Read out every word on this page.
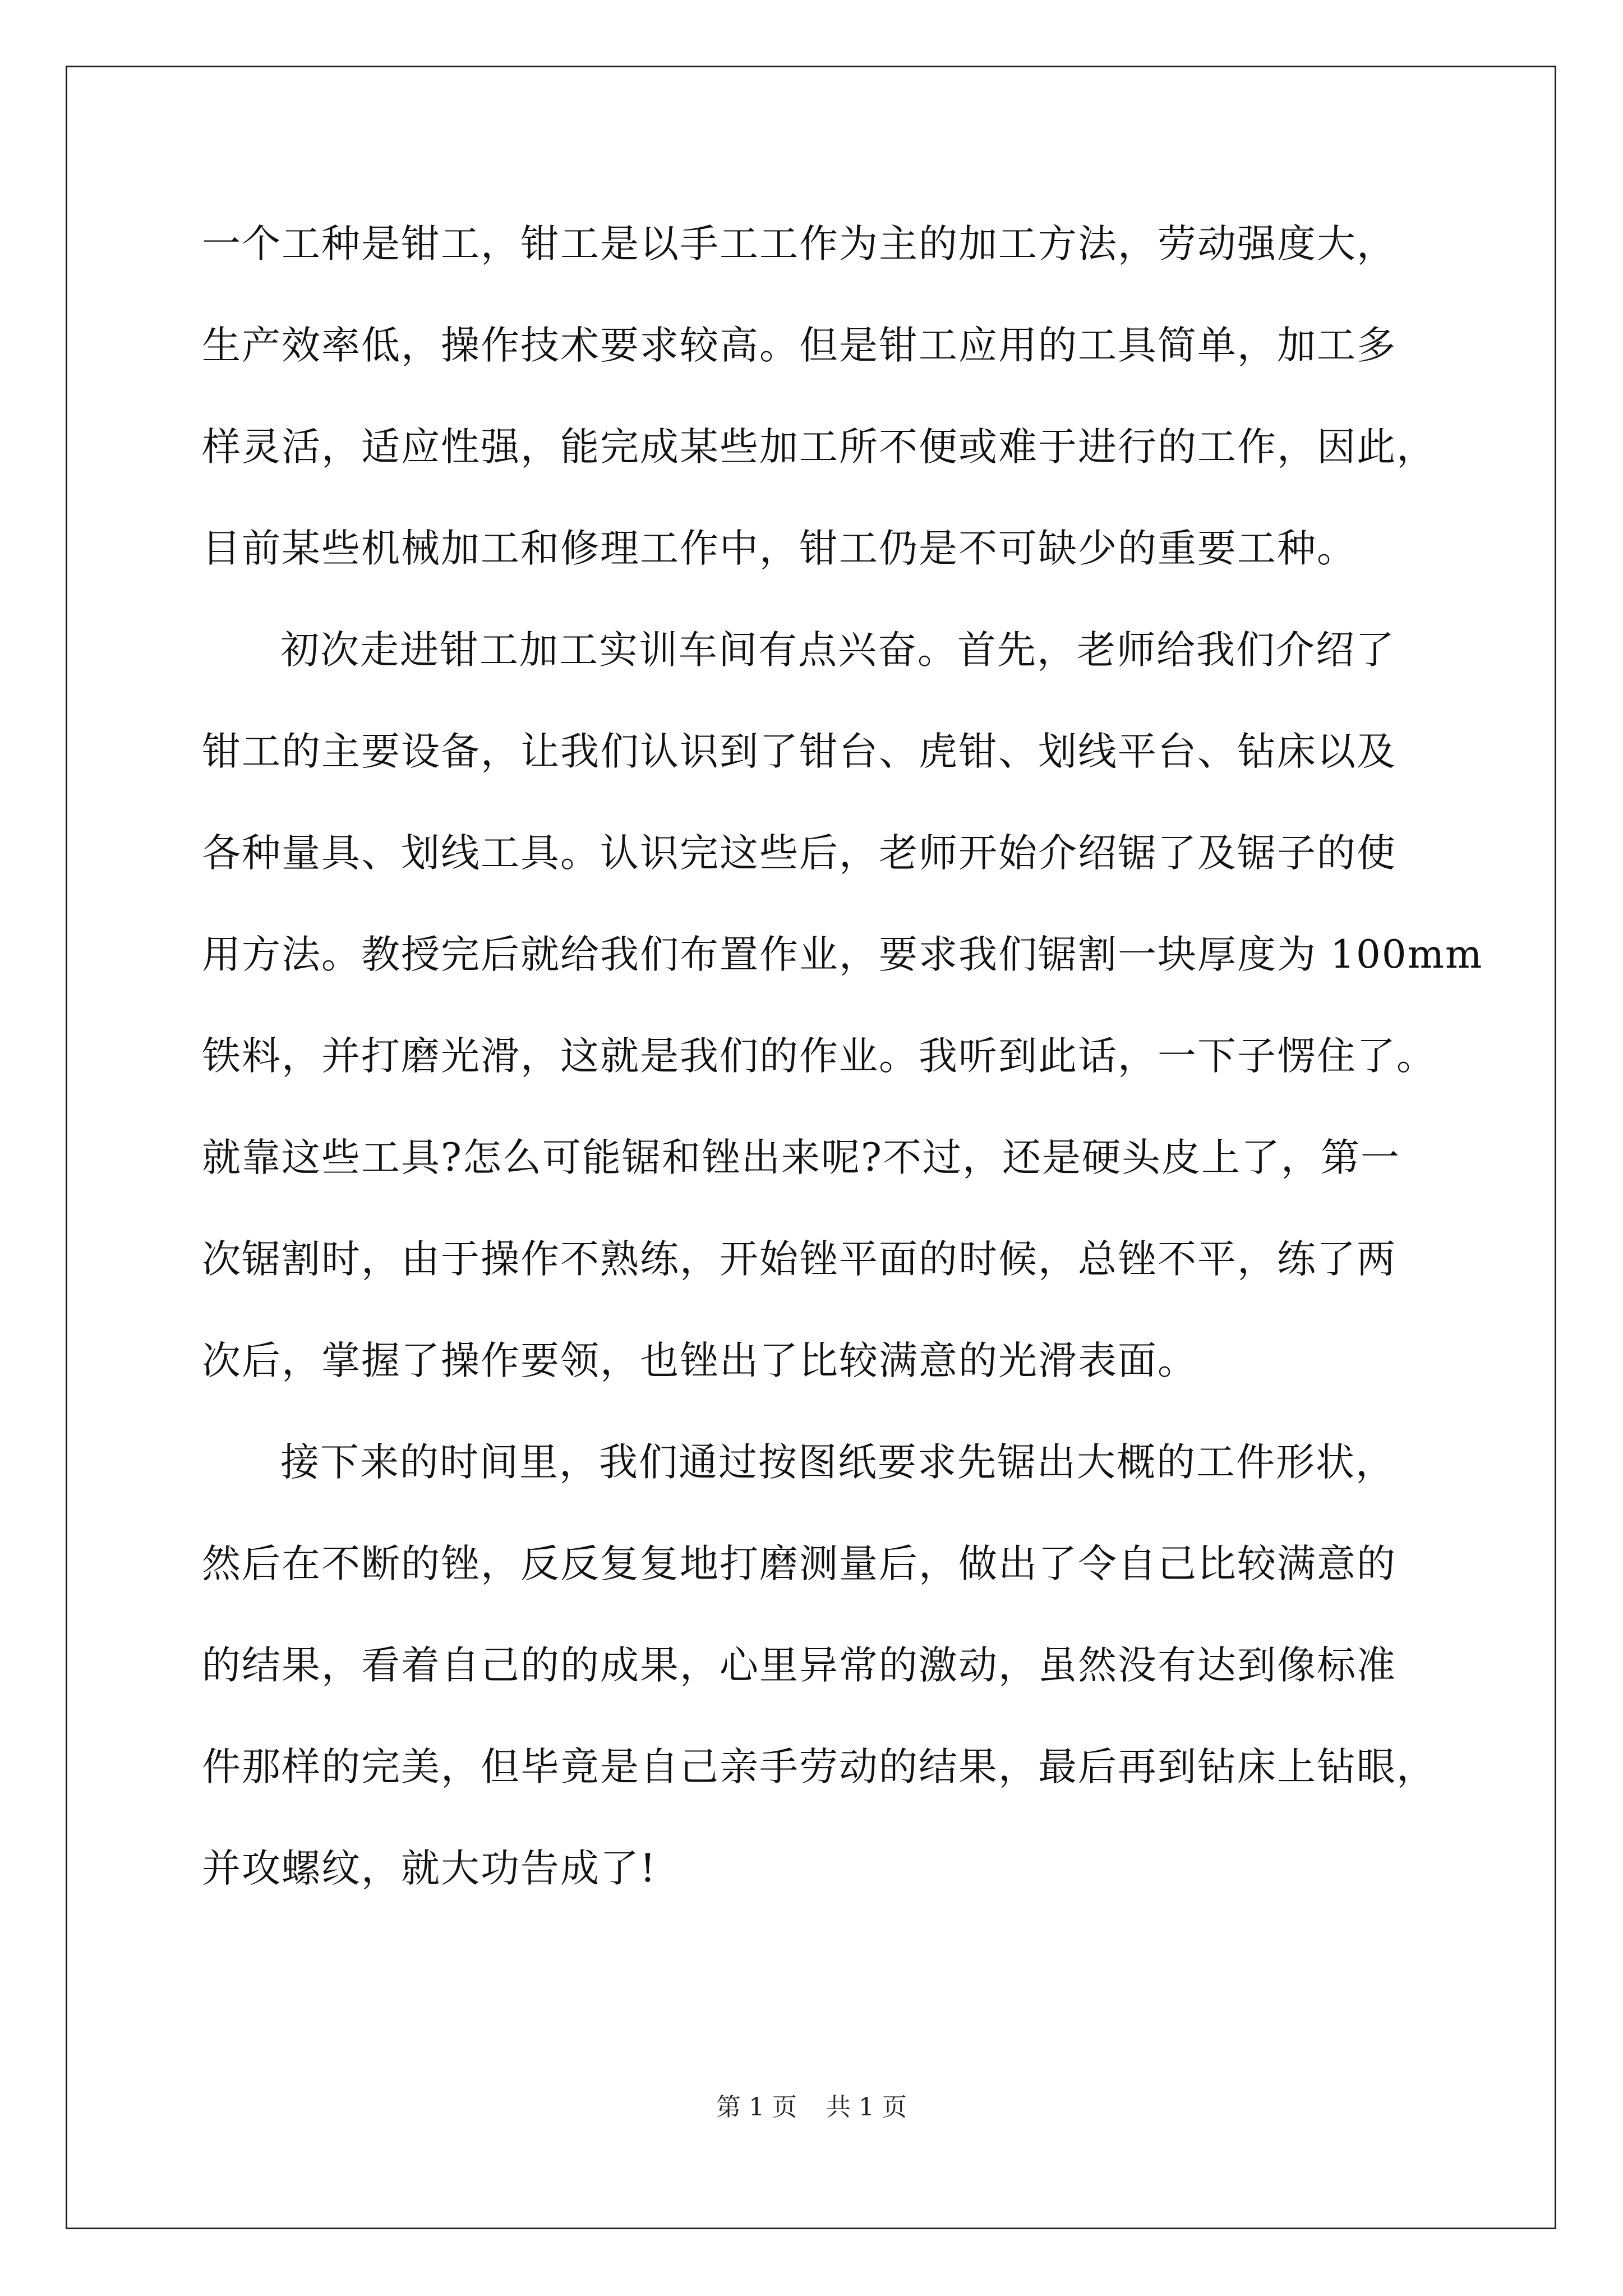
一个工种是钳工，钳工是以手工工作为主的加工方法，劳动强度大，
生产效率低，操作技术要求较高。但是钳工应用的工具简单，加工多
样灵活，适应性强，能完成某些加工所不便或难于进行的工作，因此，
目前某些机械加工和修理工作中，钳工仍是不可缺少的重要工种。
初次走进钳工加工实训车间有点兴奋。首先，老师给我们介绍了
钳工的主要设备，让我们认识到了钳台、虎钳、划线平台、钻床以及
各种量具、划线工具。认识完这些后，老师开始介绍锯了及锯子的使
用方法。教授完后就给我们布置作业，要求我们锯割一块厚度为 100mm
铁料，并打磨光滑，这就是我们的作业。我听到此话，一下子愣住了。
就靠这些工具?怎么可能锯和锉出来呢?不过，还是硬头皮上了，第一
次锯割时，由于操作不熟练，开始锉平面的时候，总锉不平，练了两
次后，掌握了操作要领，也锉出了比较满意的光滑表面。
接下来的时间里，我们通过按图纸要求先锯出大概的工件形状，
然后在不断的锉，反反复复地打磨测量后，做出了令自己比较满意的
的结果，看着自己的的成果，心里异常的激动，虽然没有达到像标准
件那样的完美，但毕竟是自己亲手劳动的结果，最后再到钻床上钻眼，
并攻螺纹，就大功告成了!
第 1 页 共 1 页
